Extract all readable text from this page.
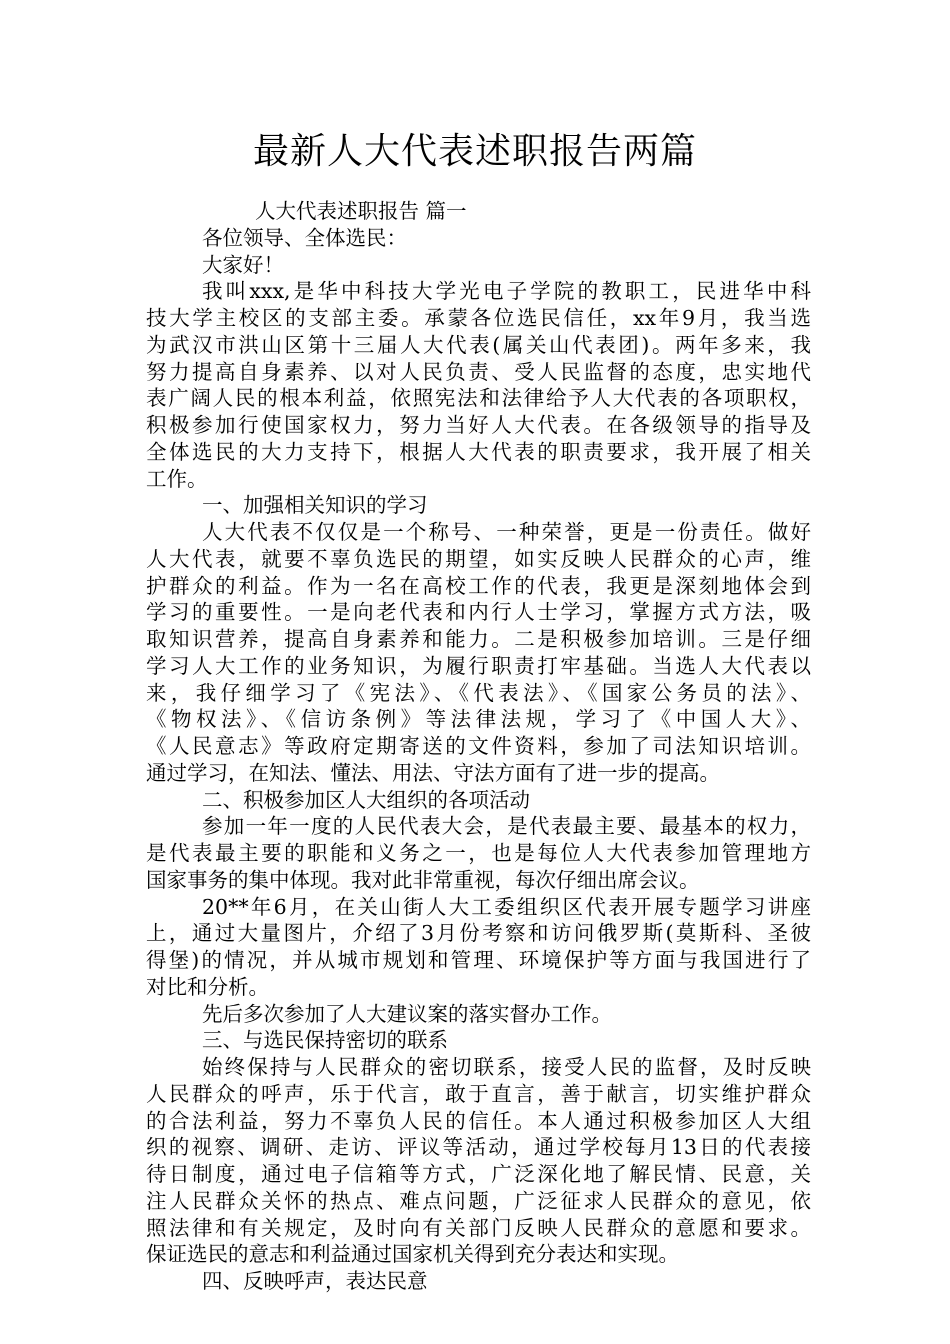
最新人大代表述职报告两篇
人大代表述职报告 篇一
各位领导、全体选民：
大家好！
我叫xxx,是华中科技大学光电子学院的教职工，民进华中科
技大学主校区的支部主委。承蒙各位选民信任，xx年9月，我当选
为武汉市洪山区第十三届人大代表(属关山代表团)。两年多来，我
努力提高自身素养、以对人民负责、受人民监督的态度，忠实地代
表广阔人民的根本利益，依照宪法和法律给予人大代表的各项职权，
积极参加行使国家权力，努力当好人大代表。在各级领导的指导及
全体选民的大力支持下，根据人大代表的职责要求，我开展了相关
工作。
一、加强相关知识的学习
人大代表不仅仅是一个称号、一种荣誉，更是一份责任。做好
人大代表，就要不辜负选民的期望，如实反映人民群众的心声，维
护群众的利益。作为一名在高校工作的代表，我更是深刻地体会到
学习的重要性。一是向老代表和内行人士学习，掌握方式方法，吸
取知识营养，提高自身素养和能力。二是积极参加培训。三是仔细
学习人大工作的业务知识，为履行职责打牢基础。当选人大代表以
来，我仔细学习了《宪法》、《代表法》、《国家公务员的法》、
《物权法》、《信访条例》等法律法规，学习了《中国人大》、
《人民意志》等政府定期寄送的文件资料，参加了司法知识培训。
通过学习，在知法、懂法、用法、守法方面有了进一步的提高。
二、积极参加区人大组织的各项活动
参加一年一度的人民代表大会，是代表最主要、最基本的权力，
是代表最主要的职能和义务之一，也是每位人大代表参加管理地方
国家事务的集中体现。我对此非常重视，每次仔细出席会议。
20**年6月，在关山街人大工委组织区代表开展专题学习讲座
上，通过大量图片，介绍了3月份考察和访问俄罗斯(莫斯科、圣彼
得堡)的情况，并从城市规划和管理、环境保护等方面与我国进行了
对比和分析。
先后多次参加了人大建议案的落实督办工作。
三、与选民保持密切的联系
始终保持与人民群众的密切联系，接受人民的监督，及时反映
人民群众的呼声，乐于代言，敢于直言，善于献言，切实维护群众
的合法利益，努力不辜负人民的信任。本人通过积极参加区人大组
织的视察、调研、走访、评议等活动，通过学校每月13日的代表接
待日制度，通过电子信箱等方式，广泛深化地了解民情、民意，关
注人民群众关怀的热点、难点问题，广泛征求人民群众的意见，依
照法律和有关规定，及时向有关部门反映人民群众的意愿和要求。
保证选民的意志和利益通过国家机关得到充分表达和实现。
四、反映呼声，表达民意
